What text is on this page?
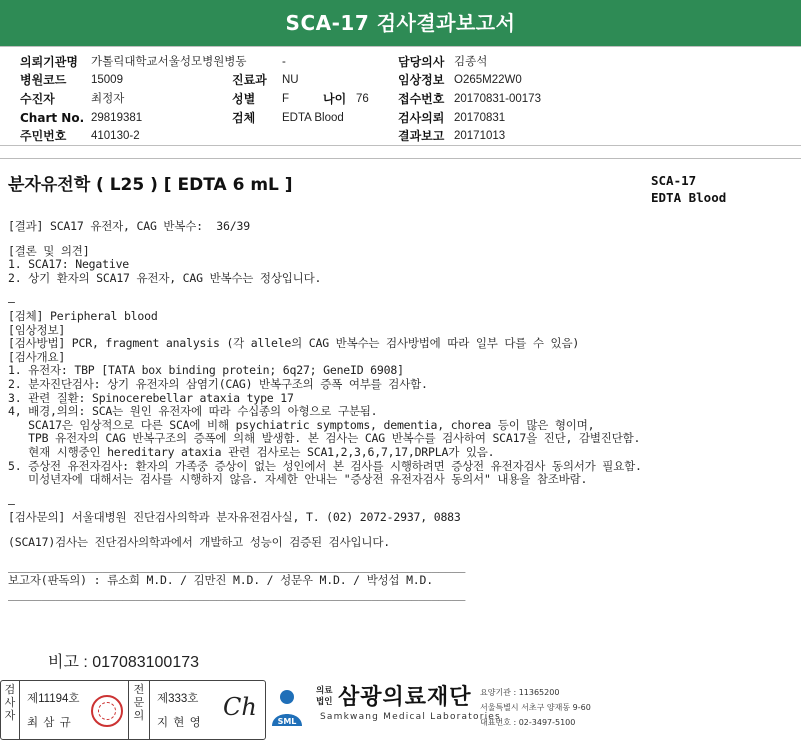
SCA-17 검사결과보고서
의뢰기관명 가톨릭대학교서울성모병원병동	-	담당의사 김종석
병원코드 15009	진료과 NU	임상정보 O265M22W0
수진자	최정자	성별 F	나이 76 접수번호 20170831-00173
Chart No. 29819381	검체 EDTA Blood	검사의뢰 20170831
주민번호 410130-2	결과보고 20171013
분자유전학 ( L25 ) [ EDTA 6 mL ]	SCA-17
EDTA Blood
[결과] SCA17 유전자, CAG 반복수:  36/39
[결론 및 의견]
1. SCA17: Negative
2. 상기 환자의 SCA17 유전자, CAG 반복수는 정상입니다.
—
[검체] Peripheral blood
[임상정보]
[검사방법] PCR, fragment analysis (각 allele의 CAG 반복수는 검사방법에 따라 일부 다를 수 있음)
[검사개요]
1. 유전자: TBP [TATA box binding protein; 6q27; GeneID 6908]
2. 분자진단검사: 상기 유전자의 삼염기(CAG) 반복구조의 증폭 여부를 검사함.
3. 관련 질환: Spinocerebellar ataxia type 17
4, 배경,의의: SCA는 원인 유전자에 따라 수십종의 아형으로 구분됨.
SCA17은 임상적으로 다른 SCA에 비해 psychiatric symptoms, dementia, chorea 등이 많은 형이며,
TPB 유전자의 CAG 반복구조의 증폭에 의해 발생함. 본 검사는 CAG 반복수를 검사하여 SCA17을 진단, 감별진단함.
현재 시행중인 hereditary ataxia 관련 검사로는 SCA1,2,3,6,7,17,DRPLA가 있음.
5. 증상전 유전자검사: 환자의 가족중 증상이 없는 성인에서 본 검사를 시행하려면 증상전 유전자검사 동의서가 필요함.
미성년자에 대해서는 검사를 시행하지 않음. 자세한 안내는 "증상전 유전자검사 동의서" 내용을 참조바람.
—
[검사문의] 서울대병원 진단검사의학과 분자유전검사실, T. (02) 2072-2937, 0883
(SCA17)검사는 진단검사의학과에서 개발하고 성능이 검증된 검사입니다.
____________________________________________________________________
보고자(판독의) : 류소희 M.D. / 김만진 M.D. / 성문우 M.D. / 박성섭 M.D.
____________________________________________________________________
비고 : 017083100173
검사자
제11194호
최 삼 규
전문의
제333호
지 현 영
Ch
SML
의료
법인 삼광의료재단
Samkwang Medical Laboratories
요양기관 : 11365200
서울특별시 서초구 양재동 9-60
대표번호 : 02-3497-5100
